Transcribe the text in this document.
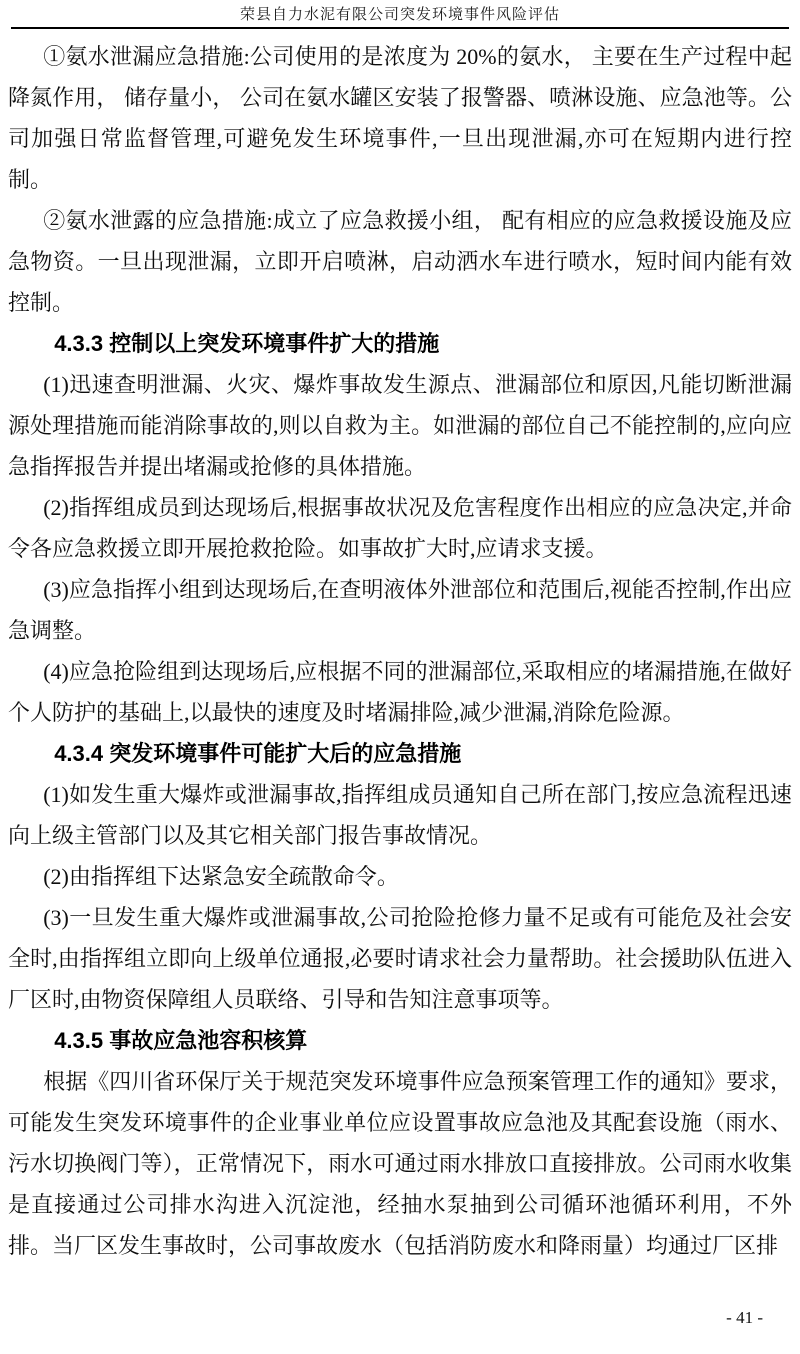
荣县自力水泥有限公司突发环境事件风险评估

①氨水泄漏应急措施:公司使用的是浓度为 20%的氨水， 主要在生产过程中起降氮作用， 储存量小， 公司在氨水罐区安装了报警器、喷淋设施、应急池等。公司加强日常监督管理,可避免发生环境事件,一旦出现泄漏,亦可在短期内进行控制。

②氨水泄露的应急措施:成立了应急救援小组， 配有相应的应急救援设施及应急物资。一旦出现泄漏，立即开启喷淋，启动洒水车进行喷水，短时间内能有效控制。

4.3.3 控制以上突发环境事件扩大的措施

(1)迅速查明泄漏、火灾、爆炸事故发生源点、泄漏部位和原因,凡能切断泄漏源处理措施而能消除事故的,则以自救为主。如泄漏的部位自己不能控制的,应向应急指挥报告并提出堵漏或抢修的具体措施。

(2)指挥组成员到达现场后,根据事故状况及危害程度作出相应的应急决定,并命令各应急救援立即开展抢救抢险。如事故扩大时,应请求支援。

(3)应急指挥小组到达现场后,在查明液体外泄部位和范围后,视能否控制,作出应急调整。

(4)应急抢险组到达现场后,应根据不同的泄漏部位,采取相应的堵漏措施,在做好个人防护的基础上,以最快的速度及时堵漏排险,减少泄漏,消除危险源。

4.3.4 突发环境事件可能扩大后的应急措施

(1)如发生重大爆炸或泄漏事故,指挥组成员通知自己所在部门,按应急流程迅速向上级主管部门以及其它相关部门报告事故情况。

(2)由指挥组下达紧急安全疏散命令。

(3)一旦发生重大爆炸或泄漏事故,公司抢险抢修力量不足或有可能危及社会安全时,由指挥组立即向上级单位通报,必要时请求社会力量帮助。社会援助队伍进入厂区时,由物资保障组人员联络、引导和告知注意事项等。

4.3.5 事故应急池容积核算

根据《四川省环保厅关于规范突发环境事件应急预案管理工作的通知》要求，可能发生突发环境事件的企业事业单位应设置事故应急池及其配套设施（雨水、污水切换阀门等），正常情况下，雨水可通过雨水排放口直接排放。公司雨水收集是直接通过公司排水沟进入沉淀池，经抽水泵抽到公司循环池循环利用，不外排。当厂区发生事故时，公司事故废水（包括消防废水和降雨量）均通过厂区排

- 41 -
